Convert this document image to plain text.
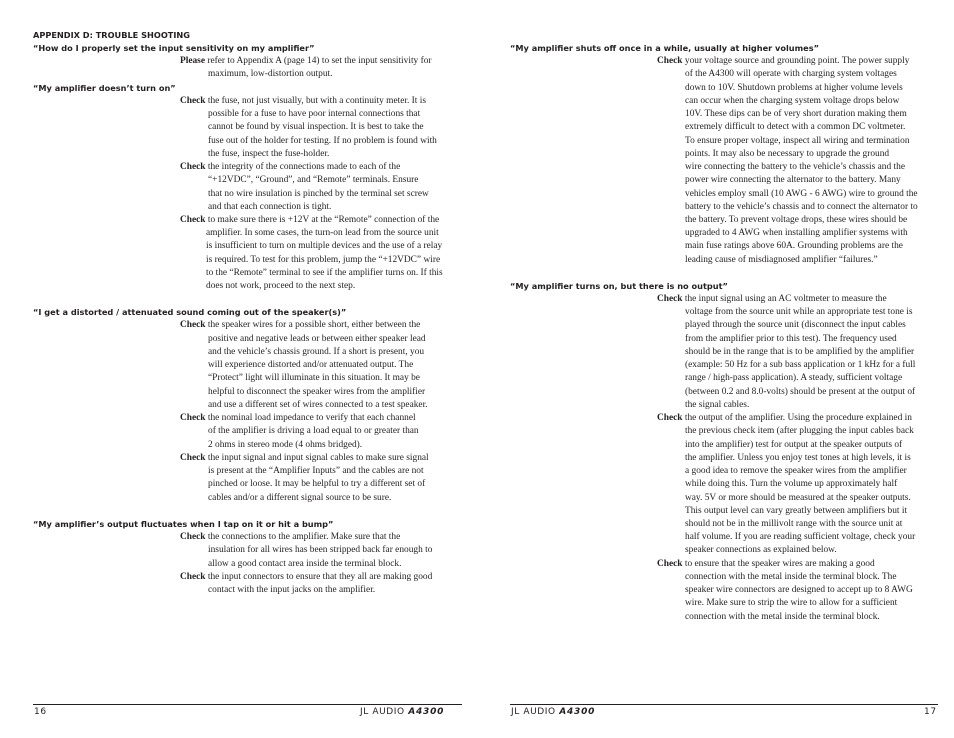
APPENDIX D: TROUBLE SHOOTING
“How do I properly set the input sensitivity on my amplifier”
Please refer to Appendix A (page 14) to set the input sensitivity for
maximum, low-distortion output.
“My amplifier doesn’t turn on”
Check the fuse, not just visually, but with a continuity meter. It is
possible for a fuse to have poor internal connections that
cannot be found by visual inspection. It is best to take the
fuse out of the holder for testing. If no problem is found with
the fuse, inspect the fuse-holder.
Check the integrity of the connections made to each of the
“+12VDC”, “Ground”, and “Remote” terminals. Ensure
that no wire insulation is pinched by the terminal set screw
and that each connection is tight.
Check to make sure there is +12V at the “Remote” connection of the
amplifier. In some cases, the turn-on lead from the source unit
is insufficient to turn on multiple devices and the use of a relay
is required. To test for this problem, jump the “+12VDC” wire
to the “Remote” terminal to see if the amplifier turns on. If this
does not work, proceed to the next step.
“I get a distorted / attenuated sound coming out of the speaker(s)”
Check the speaker wires for a possible short, either between the
positive and negative leads or between either speaker lead
and the vehicle’s chassis ground. If a short is present, you
will experience distorted and/or attenuated output. The
“Protect” light will illuminate in this situation. It may be
helpful to disconnect the speaker wires from the amplifier
and use a different set of wires connected to a test speaker.
Check the nominal load impedance to verify that each channel
of the amplifier is driving a load equal to or greater than
2 ohms in stereo mode (4 ohms bridged).
Check the input signal and input signal cables to make sure signal
is present at the “Amplifier Inputs” and the cables are not
pinched or loose. It may be helpful to try a different set of
cables and/or a different signal source to be sure.
“My amplifier’s output fluctuates when I tap on it or hit a bump”
Check the connections to the amplifier. Make sure that the
insulation for all wires has been stripped back far enough to
allow a good contact area inside the terminal block.
Check the input connectors to ensure that they all are making good
contact with the input jacks on the amplifier.
16	JL AUDIO A4300
“My amplifier shuts off once in a while, usually at higher volumes”
Check your voltage source and grounding point. The power supply
of the A4300 will operate with charging system voltages
down to 10V. Shutdown problems at higher volume levels
can occur when the charging system voltage drops below
10V. These dips can be of very short duration making them
extremely difficult to detect with a common DC voltmeter.
To ensure proper voltage, inspect all wiring and termination
points. It may also be necessary to upgrade the ground
wire connecting the battery to the vehicle’s chassis and the
power wire connecting the alternator to the battery. Many
vehicles employ small (10 AWG - 6 AWG) wire to ground the
battery to the vehicle’s chassis and to connect the alternator to
the battery. To prevent voltage drops, these wires should be
upgraded to 4 AWG when installing amplifier systems with
main fuse ratings above 60A. Grounding problems are the
leading cause of misdiagnosed amplifier “failures.”
“My amplifier turns on, but there is no output”
Check the input signal using an AC voltmeter to measure the
voltage from the source unit while an appropriate test tone is
played through the source unit (disconnect the input cables
from the amplifier prior to this test). The frequency used
should be in the range that is to be amplified by the amplifier
(example: 50 Hz for a sub bass application or 1 kHz for a full
range / high-pass application). A steady, sufficient voltage
(between 0.2 and 8.0-volts) should be present at the output of
the signal cables.
Check the output of the amplifier. Using the procedure explained in
the previous check item (after plugging the input cables back
into the amplifier) test for output at the speaker outputs of
the amplifier. Unless you enjoy test tones at high levels, it is
a good idea to remove the speaker wires from the amplifier
while doing this. Turn the volume up approximately half
way. 5V or more should be measured at the speaker outputs.
This output level can vary greatly between amplifiers but it
should not be in the millivolt range with the source unit at
half volume. If you are reading sufficient voltage, check your
speaker connections as explained below.
Check to ensure that the speaker wires are making a good
connection with the metal inside the terminal block. The
speaker wire connectors are designed to accept up to 8 AWG
wire. Make sure to strip the wire to allow for a sufficient
connection with the metal inside the terminal block.
JL AUDIO A4300	17
